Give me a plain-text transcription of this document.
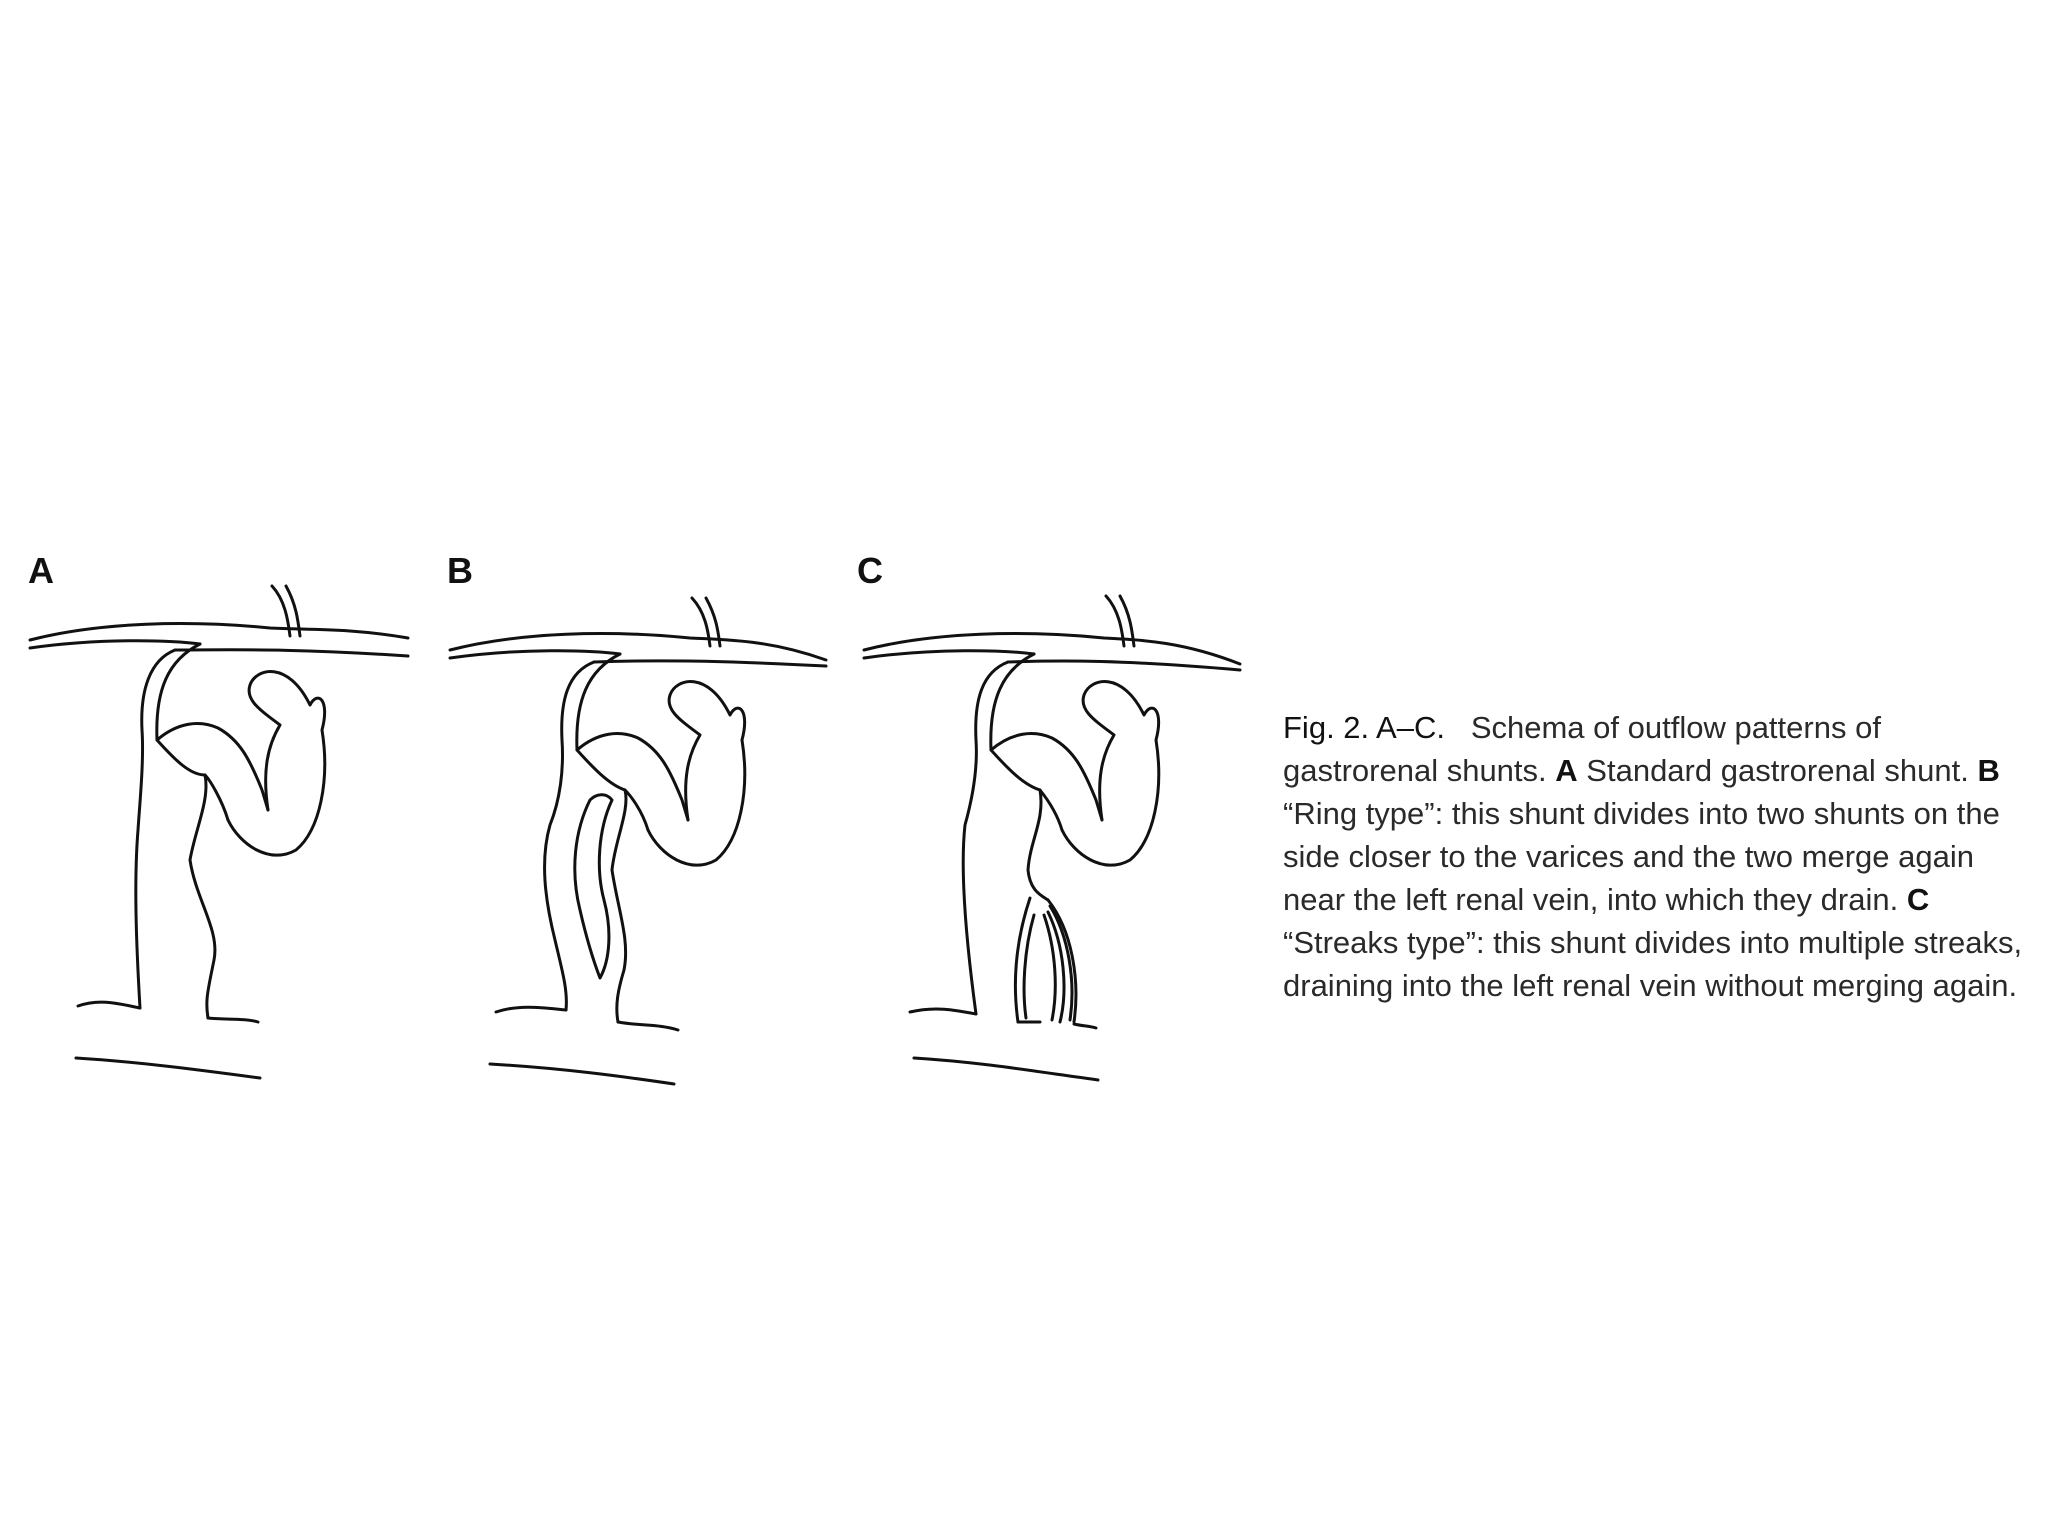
A	B	C
Fig. 2. A–C. Schema of outflow patterns of gastrorenal shunts. A Standard gastrorenal shunt. B “Ring type”: this shunt divides into two shunts on the side closer to the varices and the two merge again near the left renal vein, into which they drain. C “Streaks type”: this shunt divides into multiple streaks, draining into the left renal vein without merging again.
